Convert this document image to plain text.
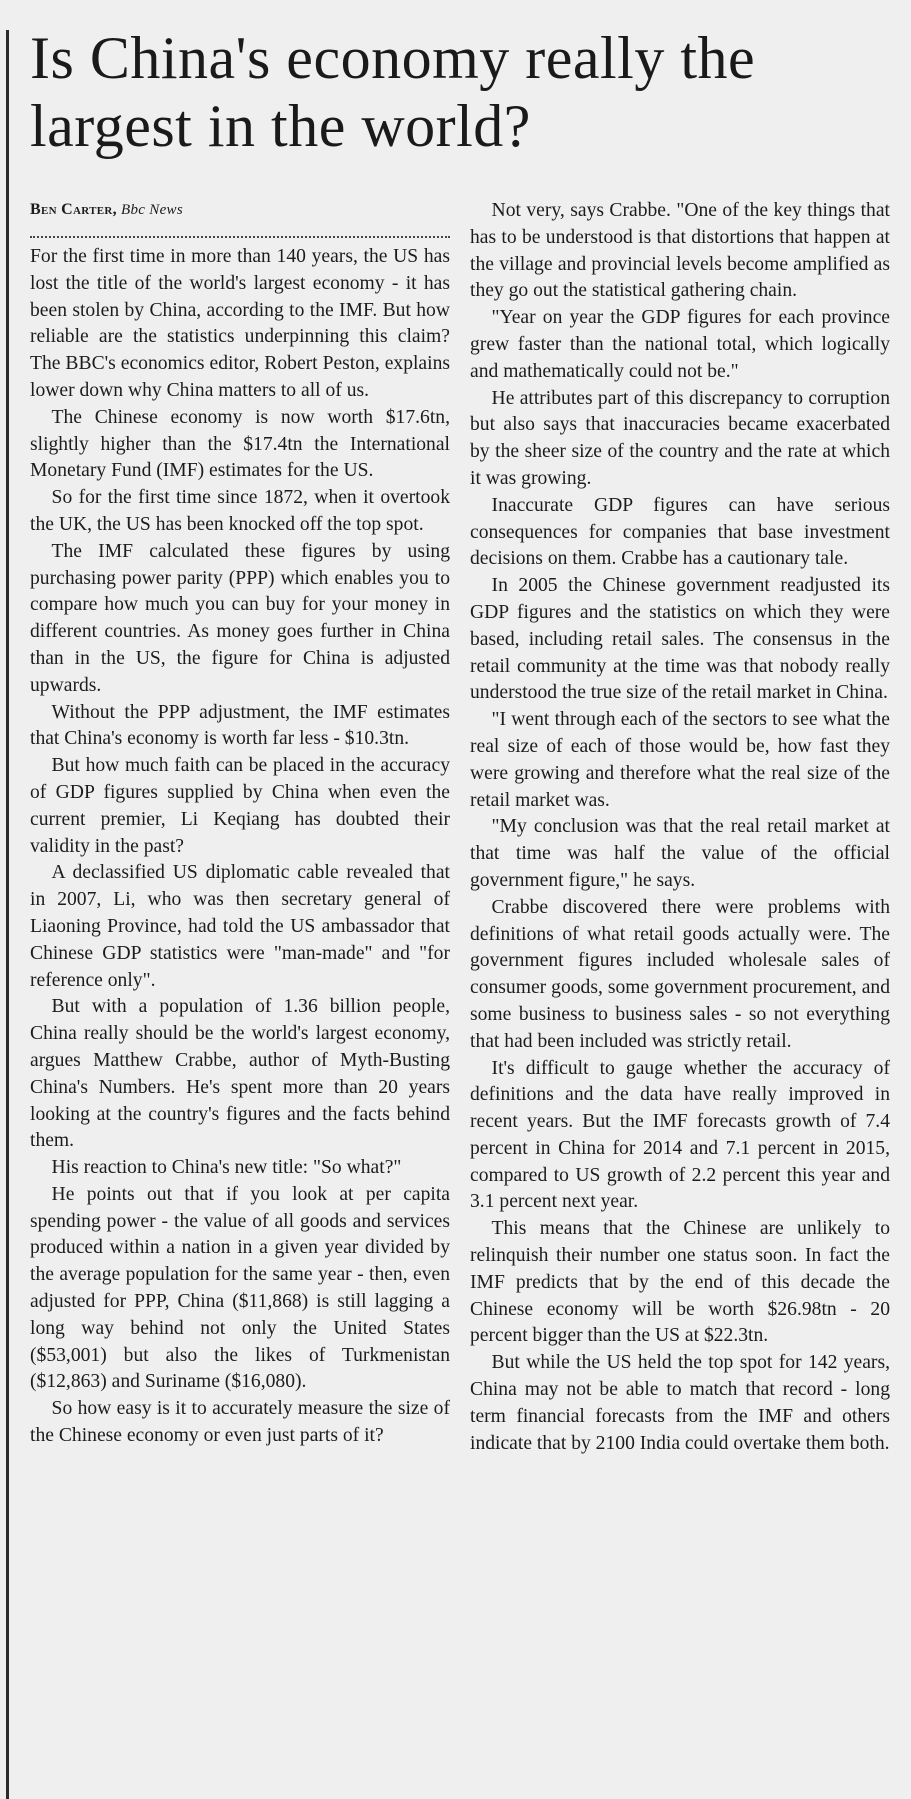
Is China's economy really the largest in the world?

Ben Carter, Bbc News

For the first time in more than 140 years, the US has lost the title of the world's largest economy - it has been stolen by China, according to the IMF. But how reliable are the statistics underpinning this claim? The BBC's economics editor, Robert Peston, explains lower down why China matters to all of us.

The Chinese economy is now worth $17.6tn, slightly higher than the $17.4tn the International Monetary Fund (IMF) estimates for the US.

So for the first time since 1872, when it overtook the UK, the US has been knocked off the top spot.

The IMF calculated these figures by using purchasing power parity (PPP) which enables you to compare how much you can buy for your money in different countries. As money goes further in China than in the US, the figure for China is adjusted upwards.

Without the PPP adjustment, the IMF estimates that China's economy is worth far less - $10.3tn.

But how much faith can be placed in the accuracy of GDP figures supplied by China when even the current premier, Li Keqiang has doubted their validity in the past?

A declassified US diplomatic cable revealed that in 2007, Li, who was then secretary general of Liaoning Province, had told the US ambassador that Chinese GDP statistics were "man-made" and "for reference only".

But with a population of 1.36 billion people, China really should be the world's largest economy, argues Matthew Crabbe, author of Myth-Busting China's Numbers. He's spent more than 20 years looking at the country's figures and the facts behind them.

His reaction to China's new title: "So what?"

He points out that if you look at per capita spending power - the value of all goods and services produced within a nation in a given year divided by the average population for the same year - then, even adjusted for PPP, China ($11,868) is still lagging a long way behind not only the United States ($53,001) but also the likes of Turkmenistan ($12,863) and Suriname ($16,080).

So how easy is it to accurately measure the size of the Chinese economy or even just parts of it?

Not very, says Crabbe. "One of the key things that has to be understood is that distortions that happen at the village and provincial levels become amplified as they go out the statistical gathering chain.

"Year on year the GDP figures for each province grew faster than the national total, which logically and mathematically could not be."

He attributes part of this discrepancy to corruption but also says that inaccuracies became exacerbated by the sheer size of the country and the rate at which it was growing.

Inaccurate GDP figures can have serious consequences for companies that base investment decisions on them. Crabbe has a cautionary tale.

In 2005 the Chinese government readjusted its GDP figures and the statistics on which they were based, including retail sales. The consensus in the retail community at the time was that nobody really understood the true size of the retail market in China.

"I went through each of the sectors to see what the real size of each of those would be, how fast they were growing and therefore what the real size of the retail market was.

"My conclusion was that the real retail market at that time was half the value of the official government figure," he says.

Crabbe discovered there were problems with definitions of what retail goods actually were. The government figures included wholesale sales of consumer goods, some government procurement, and some business to business sales - so not everything that had been included was strictly retail.

It's difficult to gauge whether the accuracy of definitions and the data have really improved in recent years. But the IMF forecasts growth of 7.4 percent in China for 2014 and 7.1 percent in 2015, compared to US growth of 2.2 percent this year and 3.1 percent next year.

This means that the Chinese are unlikely to relinquish their number one status soon. In fact the IMF predicts that by the end of this decade the Chinese economy will be worth $26.98tn - 20 percent bigger than the US at $22.3tn.

But while the US held the top spot for 142 years, China may not be able to match that record - long term financial forecasts from the IMF and others indicate that by 2100 India could overtake them both.
